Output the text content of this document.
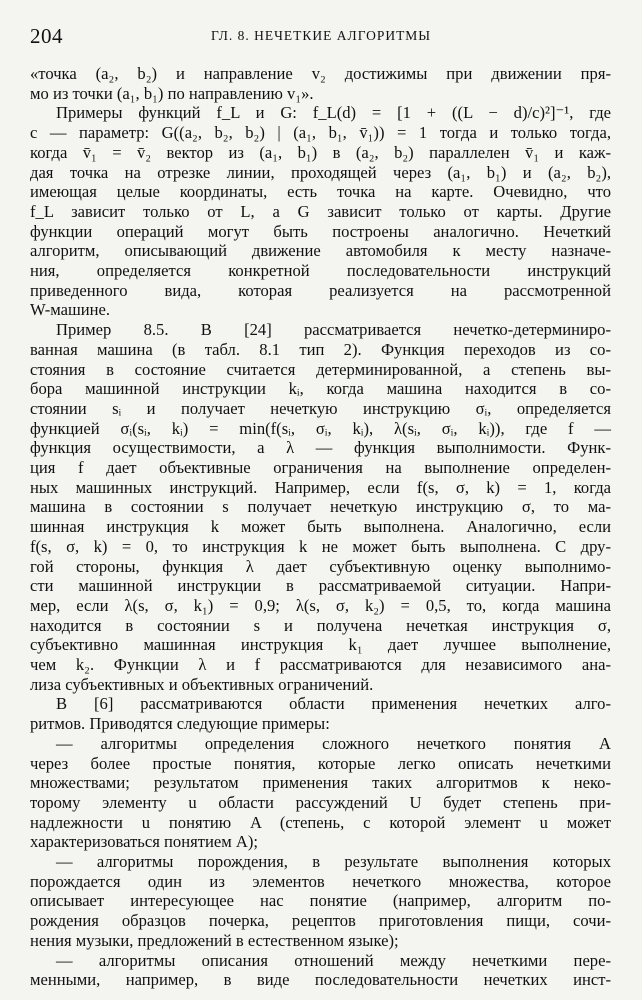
204	ГЛ. 8. НЕЧЕТКИЕ АЛГОРИТМЫ
«точка (a₂, b₂) и направление v₂ достижимы при движении пря-
мо из точки (a₁, b₁) по направлению v₁».
Примеры функций f_L и G: f_L(d) = [1 + ((L − d)/c)²]⁻¹, где
c — параметр: G((a₂, b₂, b₂) | (a₁, b₁, v̄₁)) = 1 тогда и только тогда,
когда v̄₁ = v̄₂ вектор из (a₁, b₁) в (a₂, b₂) параллелен v̄₁ и каж-
дая точка на отрезке линии, проходящей через (a₁, b₁) и (a₂, b₂),
имеющая целые координаты, есть точка на карте. Очевидно, что
f_L зависит только от L, а G зависит только от карты. Другие
функции операций могут быть построены аналогично. Нечеткий
алгоритм, описывающий движение автомобиля к месту назначе-
ния, определяется конкретной последовательности инструкций
приведенного вида, которая реализуется на рассмотренной
W-машине.
Пример 8.5. В [24] рассматривается нечетко-детерминиро-
ванная машина (в табл. 8.1 тип 2). Функция переходов из со-
стояния в состояние считается детерминированной, а степень вы-
бора машинной инструкции kᵢ, когда машина находится в со-
стоянии sᵢ и получает нечеткую инструкцию σᵢ, определяется
функцией σᵢ(sᵢ, kᵢ) = min(f(sᵢ, σᵢ, kᵢ), λ(sᵢ, σᵢ, kᵢ)), где f —
функция осуществимости, а λ — функция выполнимости. Функ-
ция f дает объективные ограничения на выполнение определен-
ных машинных инструкций. Например, если f(s, σ, k) = 1, когда
машина в состоянии s получает нечеткую инструкцию σ, то ма-
шинная инструкция k может быть выполнена. Аналогично, если
f(s, σ, k) = 0, то инструкция k не может быть выполнена. С дру-
гой стороны, функция λ дает субъективную оценку выполнимо-
сти машинной инструкции в рассматриваемой ситуации. Напри-
мер, если λ(s, σ, k₁) = 0,9; λ(s, σ, k₂) = 0,5, то, когда машина
находится в состоянии s и получена нечеткая инструкция σ,
субъективно машинная инструкция k₁ дает лучшее выполнение,
чем k₂. Функции λ и f рассматриваются для независимого ана-
лиза субъективных и объективных ограничений.
В [6] рассматриваются области применения нечетких алго-
ритмов. Приводятся следующие примеры:
— алгоритмы определения сложного нечеткого понятия A
через более простые понятия, которые легко описать нечеткими
множествами; результатом применения таких алгоритмов к неко-
торому элементу u области рассуждений U будет степень при-
надлежности u понятию A (степень, с которой элемент u может
характеризоваться понятием A);
— алгоритмы порождения, в результате выполнения которых
порождается один из элементов нечеткого множества, которое
описывает интересующее нас понятие (например, алгоритм по-
рождения образцов почерка, рецептов приготовления пищи, сочи-
нения музыки, предложений в естественном языке);
— алгоритмы описания отношений между нечеткими пере-
менными, например, в виде последовательности нечетких инст-
